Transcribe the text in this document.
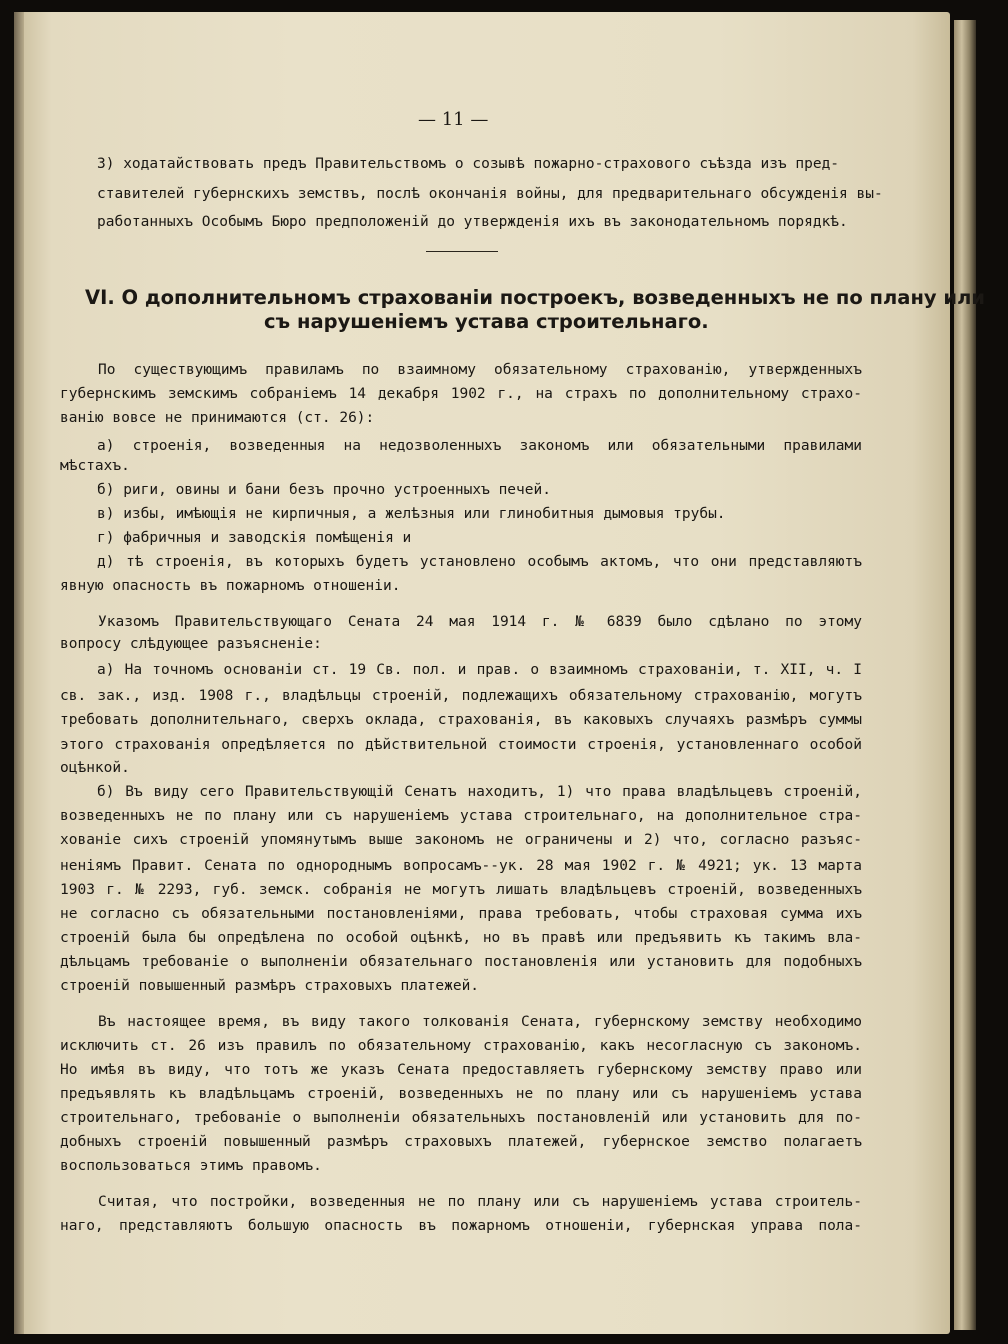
— 11 —
3) ходатайствовать предъ Правительствомъ о созывѣ пожарно-страхового съѣзда изъ пред-
ставителей губернскихъ земствъ, послѣ окончанія войны, для предварительнаго обсужденія вы-
работанныхъ Особымъ Бюро предположеній до утвержденія ихъ въ законодательномъ порядкѣ.
VI. О дополнительномъ страхованіи построекъ, возведенныхъ не по плану или
съ нарушеніемъ устава строительнаго.
По существующимъ правиламъ по взаимному обязательному страхованію, утвержденныхъ
губернскимъ земскимъ собраніемъ 14 декабря 1902 г., на страхъ по дополнительному страхо-
ванію вовсе не принимаются (ст. 26):
а) строенія, возведенныя на недозволенныхъ закономъ или обязательными правилами
мѣстахъ.
б) риги, овины и бани безъ прочно устроенныхъ печей.
в) избы, имѣющія не кирпичныя, а желѣзныя или глинобитныя дымовыя трубы.
г) фабричныя и заводскія помѣщенія и
д) тѣ строенія, въ которыхъ будетъ установлено особымъ актомъ, что они представляютъ
явную опасность въ пожарномъ отношеніи.
Указомъ Правительствующаго Сената 24 мая 1914 г. № 6839 было сдѣлано по этому
вопросу слѣдующее разъясненіе:
а) На точномъ основаніи ст. 19 Св. пол. и прав. о взаимномъ страхованіи, т. XII, ч. I
св. зак., изд. 1908 г., владѣльцы строеній, подлежащихъ обязательному страхованію, могутъ
требовать дополнительнаго, сверхъ оклада, страхованія, въ каковыхъ случаяхъ размѣръ суммы
этого страхованія опредѣляется по дѣйствительной стоимости строенія, установленнаго особой
оцѣнкой.
б) Въ виду сего Правительствующій Сенатъ находитъ, 1) что права владѣльцевъ строеній,
возведенныхъ не по плану или съ нарушеніемъ устава строительнаго, на дополнительное стра-
хованіе сихъ строеній упомянутымъ выше закономъ не ограничены и 2) что, согласно разъяс-
неніямъ Правит. Сената по однороднымъ вопросамъ--ук. 28 мая 1902 г. № 4921; ук. 13 марта
1903 г. № 2293, губ. земск. собранія не могутъ лишать владѣльцевъ строеній, возведенныхъ
не согласно съ обязательными постановленіями, права требовать, чтобы страховая сумма ихъ
строеній была бы опредѣлена по особой оцѣнкѣ, но въ правѣ или предъявить къ такимъ вла-
дѣльцамъ требованіе о выполненіи обязательнаго постановленія или установить для подобныхъ
строеній повышенный размѣръ страховыхъ платежей.
Въ настоящее время, въ виду такого толкованія Сената, губернскому земству необходимо
исключить ст. 26 изъ правилъ по обязательному страхованію, какъ несогласную съ закономъ.
Но имѣя въ виду, что тотъ же указъ Сената предоставляетъ губернскому земству право или
предъявлять къ владѣльцамъ строеній, возведенныхъ не по плану или съ нарушеніемъ устава
строительнаго, требованіе о выполненіи обязательныхъ постановленій или установить для по-
добныхъ строеній повышенный размѣръ страховыхъ платежей, губернское земство полагаетъ
воспользоваться этимъ правомъ.
Считая, что постройки, возведенныя не по плану или съ нарушеніемъ устава строитель-
наго, представляютъ большую опасность въ пожарномъ отношеніи, губернская управа пола-
